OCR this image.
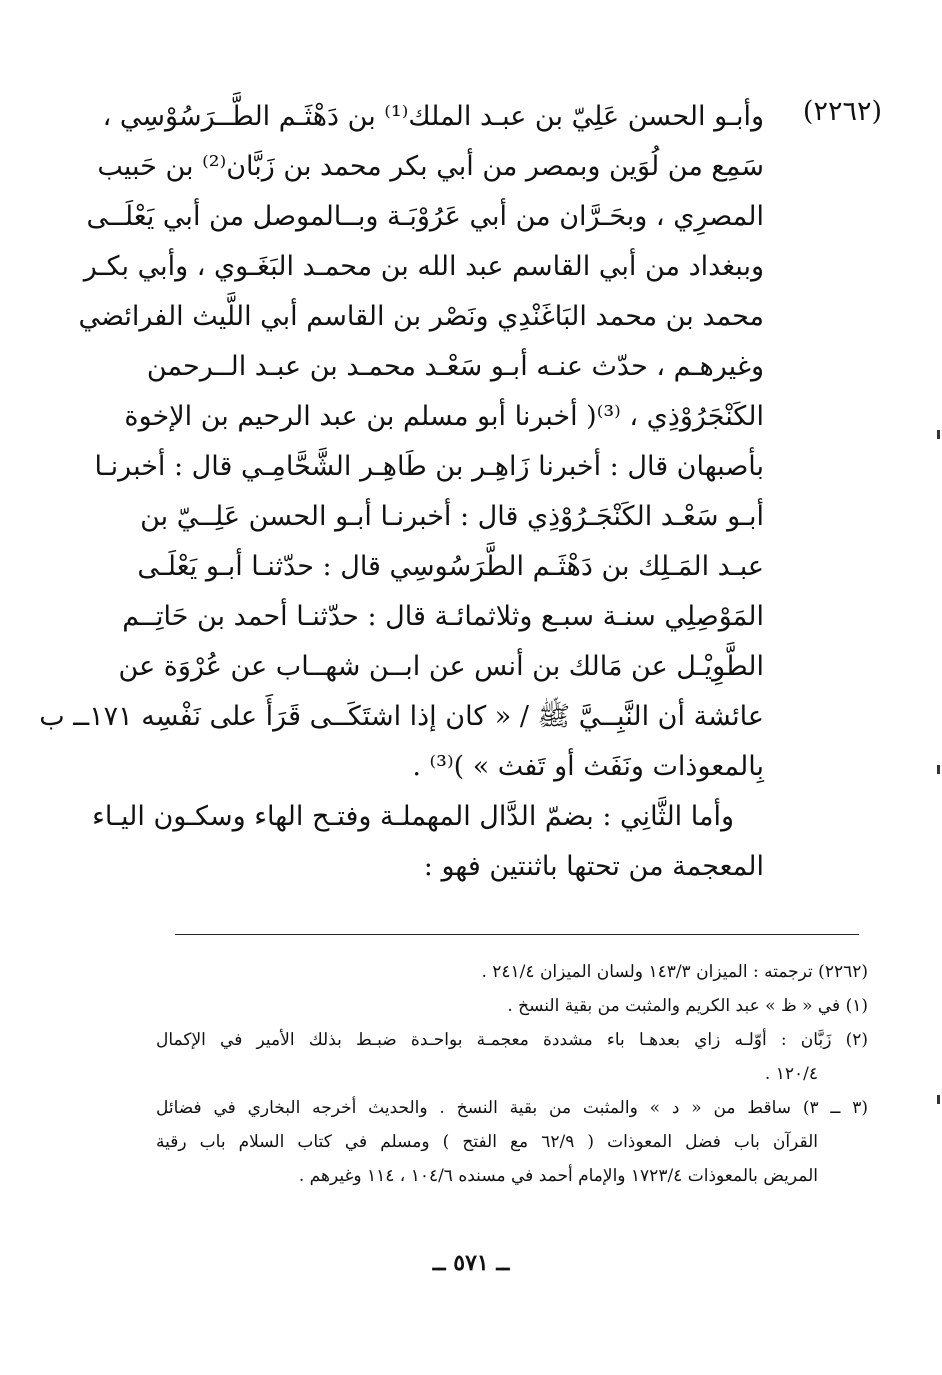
(٢٢٦٢)
وأبـو الحسن عَلِيّ بن عبـد الملك⁽¹⁾ بن دَهْثَـم الطَّــرَسُوْسِي ،
سَمِع من لُوَين وبمصر من أبي بكر محمد بن زَبَّان⁽²⁾ بن حَبيب
المصرِي ، وبحَـرَّان من أبي عَرُوْبَـة وبــالموصل من أبي يَعْلَــى
وببغداد من أبي القاسم عبد الله بن محمـد البَغَـوي ، وأبي بكـر
محمد بن محمد البَاغَنْدِي ونَصْر بن القاسم أبي اللَّيث الفرائضي
وغيرهـم ، حدّث عنـه أبـو سَعْـد محمـد بن عبـد الــرحمن
الكَنْجَرُوْذِي ، ⁽³⁾( أخبرنا أبو مسلم بن عبد الرحيم بن الإخوة
بأصبهان قال : أخبرنا زَاهِـر بن طَاهِـر الشَّحَّامِـي قال : أخبرنـا
أبـو سَعْـد الكَنْجَـرُوْذِي قال : أخبرنـا أبـو الحسن عَلِــيّ بن
عبـد المَـلِك بن دَهْثَـم الطَّرَسُوسِي قال : حدّثنـا أبـو يَعْلَـى
المَوْصِلِي سنـة سبـع وثلاثمائـة قال : حدّثنـا أحمد بن حَاتِــم
الطَّوِيْـل عن مَالك بن أنس عن ابــن شهــاب عن عُرْوَة عن
عائشة أن النَّبِــيَّ ﷺ / « كان إذا اشتَكَــى قَرَأَ على نَفْسِه ١٧١ــ ب
بِالمعوذات ونَفَث أو تَفث » )⁽³⁾ .
وأما الثَّانِي : بضمّ الدَّال المهملـة وفتـح الهاء وسكـون اليـاء
المعجمة من تحتها باثنتين فهو :
(٢٢٦٢) ترجمته : الميزان ١٤٣/٣ ولسان الميزان ٢٤١/٤ .
(١) في « ظ » عبد الكريم والمثبت من بقية النسخ .
(٢) زَبَّان : أوّلـه زاي بعدهـا باء مشددة معجمـة بواحـدة ضبـط بذلك الأمير في الإكمال
١٢٠/٤ .
(٣ ــ ٣) ساقط من « د » والمثبت من بقية النسخ . والحديث أخرجه البخاري في فضائل
القرآن باب فضل المعوذات ( ٦٢/٩ مع الفتح ) ومسلم في كتاب السلام باب رقية
المريض بالمعوذات ١٧٢٣/٤ والإمام أحمد في مسنده ١٠٤/٦ ، ١١٤ وغيرهم .
ــ ٥٧١ ــ
